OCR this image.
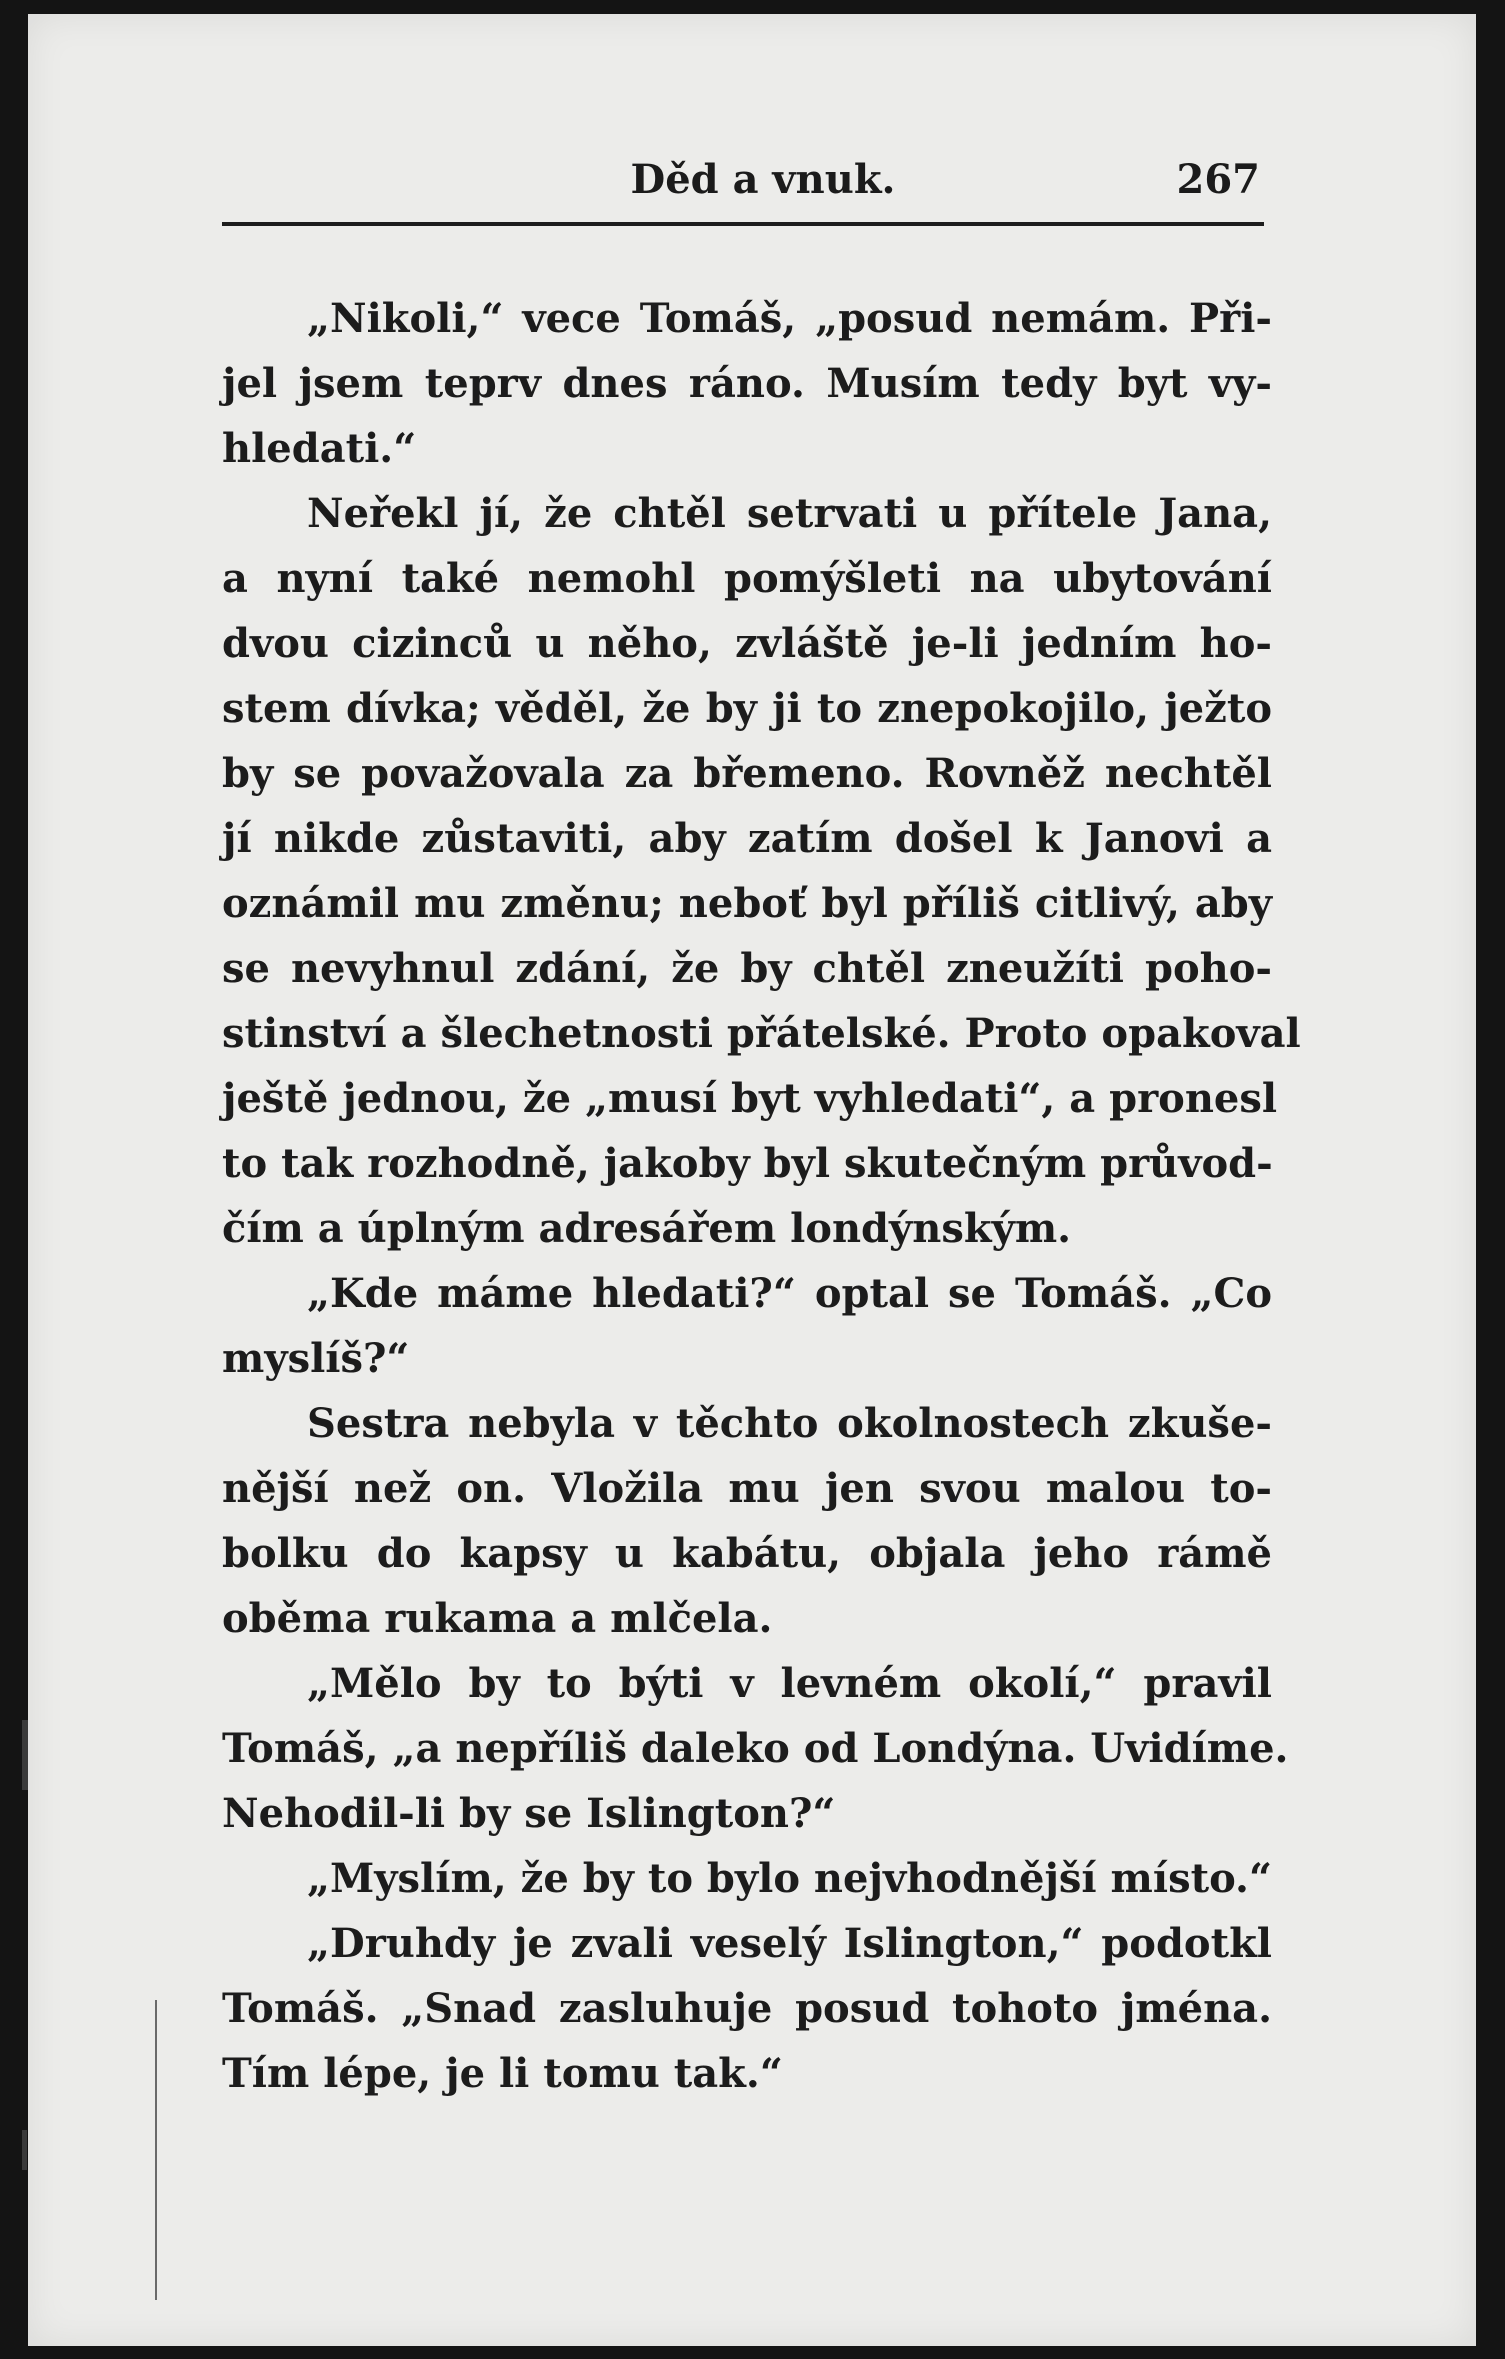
Děd a vnuk.	267
„Nikoli,“ vece Tomáš, „posud nemám. Při-
jel jsem teprv dnes ráno. Musím tedy byt vy-
hledati.“
Neřekl jí, že chtěl setrvati u přítele Jana,
a nyní také nemohl pomýšleti na ubytování
dvou cizinců u něho, zvláště je-li jedním ho-
stem dívka; věděl, že by ji to znepokojilo, ježto
by se považovala za břemeno. Rovněž nechtěl
jí nikde zůstaviti, aby zatím došel k Janovi a
oznámil mu změnu; neboť byl příliš citlivý, aby
se nevyhnul zdání, že by chtěl zneužíti poho-
stinství a šlechetnosti přátelské. Proto opakoval
ještě jednou, že „musí byt vyhledati“, a pronesl
to tak rozhodně, jakoby byl skutečným průvod-
čím a úplným adresářem londýnským.
„Kde máme hledati?“ optal se Tomáš. „Co
myslíš?“
Sestra nebyla v těchto okolnostech zkuše-
nější než on. Vložila mu jen svou malou to-
bolku do kapsy u kabátu, objala jeho rámě
oběma rukama a mlčela.
„Mělo by to býti v levném okolí,“ pravil
Tomáš, „a nepříliš daleko od Londýna. Uvidíme.
Nehodil-li by se Islington?“
„Myslím, že by to bylo nejvhodnější místo.“
„Druhdy je zvali veselý Islington,“ podotkl
Tomáš. „Snad zasluhuje posud tohoto jména.
Tím lépe, je li tomu tak.“
